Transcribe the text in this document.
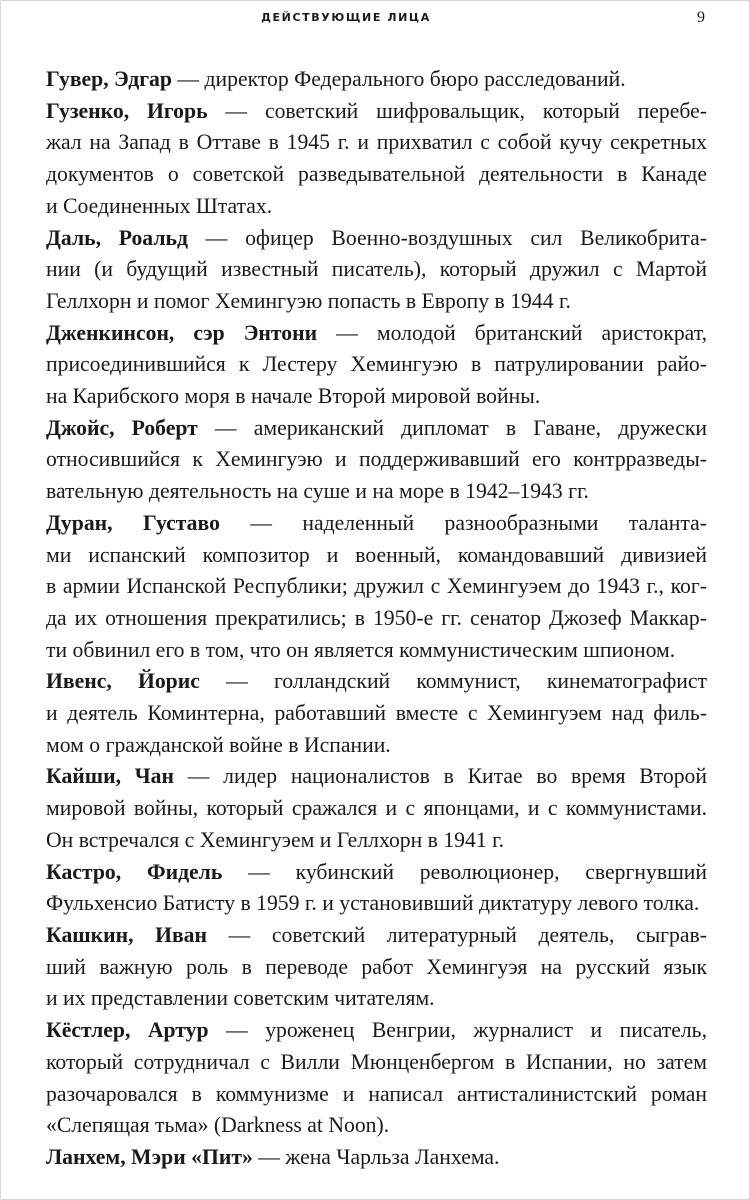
ДЕЙСТВУЮЩИЕ ЛИЦА	9

Гувер, Эдгар — директор Федерального бюро расследований.

Гузенко, Игорь — советский шифровальщик, который перебе-
жал на Запад в Оттаве в 1945 г. и прихватил с собой кучу секретных
документов о советской разведывательной деятельности в Канаде
и Соединенных Штатах.

Даль, Роальд — офицер Военно-воздушных сил Великобрита-
нии (и будущий известный писатель), который дружил с Мартой
Геллхорн и помог Хемингуэю попасть в Европу в 1944 г.

Дженкинсон, сэр Энтони — молодой британский аристократ,
присоединившийся к Лестеру Хемингуэю в патрулировании райо-
на Карибского моря в начале Второй мировой войны.

Джойс, Роберт — американский дипломат в Гаване, дружески
относившийся к Хемингуэю и поддерживавший его контрразведы-
вательную деятельность на суше и на море в 1942–1943 гг.

Дуран, Густаво — наделенный разнообразными таланта-
ми испанский композитор и военный, командовавший дивизией
в армии Испанской Республики; дружил с Хемингуэем до 1943 г., ког-
да их отношения прекратились; в 1950-е гг. сенатор Джозеф Маккар-
ти обвинил его в том, что он является коммунистическим шпионом.

Ивенс, Йорис — голландский коммунист, кинематографист
и деятель Коминтерна, работавший вместе с Хемингуэем над филь-
мом о гражданской войне в Испании.

Кайши, Чан — лидер националистов в Китае во время Второй
мировой войны, который сражался и с японцами, и с коммунистами.
Он встречался с Хемингуэем и Геллхорн в 1941 г.

Кастро, Фидель — кубинский революционер, свергнувший
Фульхенсио Батисту в 1959 г. и установивший диктатуру левого толка.

Кашкин, Иван — советский литературный деятель, сыграв-
ший важную роль в переводе работ Хемингуэя на русский язык
и их представлении советским читателям.

Кёстлер, Артур — уроженец Венгрии, журналист и писатель,
который сотрудничал с Вилли Мюнценбергом в Испании, но затем
разочаровался в коммунизме и написал антисталинистский роман
«Слепящая тьма» (Darkness at Noon).

Ланхем, Мэри «Пит» — жена Чарльза Ланхема.
